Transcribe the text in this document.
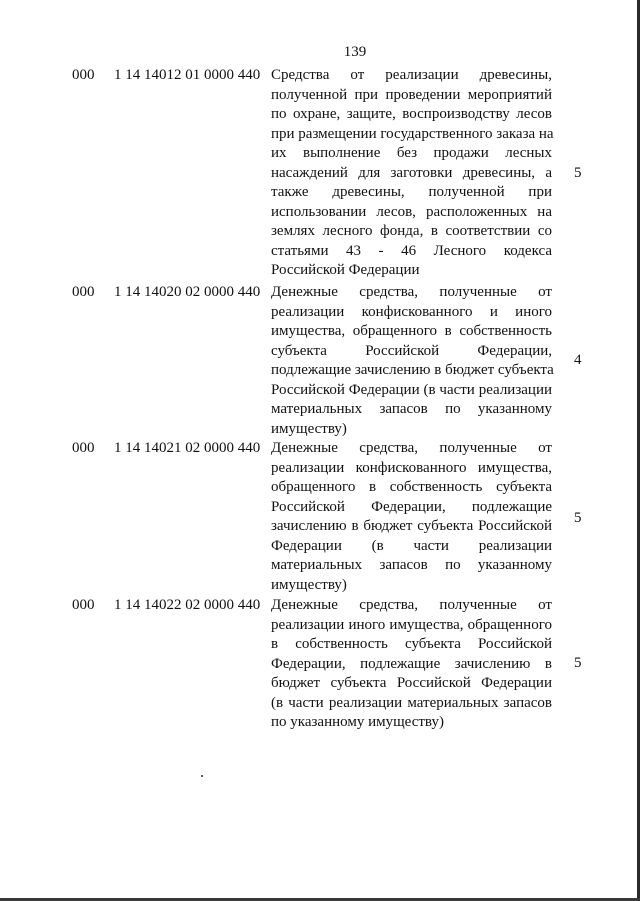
139
000 1 14 14012 01 0000 440 Средства от реализации древесины,
полученной при проведении мероприятий
по охране, защите, воспроизводству лесов
при размещении государственного заказа на
их выполнение без продажи лесных
насаждений для заготовки древесины, а
также древесины, полученной при
использовании лесов, расположенных на
землях лесного фонда, в соответствии со
статьями 43 - 46 Лесного кодекса
Российской Федерации
5
000 1 14 14020 02 0000 440 Денежные средства, полученные от
реализации конфискованного и иного
имущества, обращенного в собственность
субъекта Российской Федерации,
подлежащие зачислению в бюджет субъекта
Российской Федерации (в части реализации
материальных запасов по указанному
имуществу)
4
000 1 14 14021 02 0000 440 Денежные средства, полученные от
реализации конфискованного имущества,
обращенного в собственность субъекта
Российской Федерации, подлежащие
зачислению в бюджет субъекта Российской
Федерации (в части реализации
материальных запасов по указанному
имуществу)
5
000 1 14 14022 02 0000 440 Денежные средства, полученные от
реализации иного имущества, обращенного
в собственность субъекта Российской
Федерации, подлежащие зачислению в
бюджет субъекта Российской Федерации
(в части реализации материальных запасов
по указанному имуществу)
5
